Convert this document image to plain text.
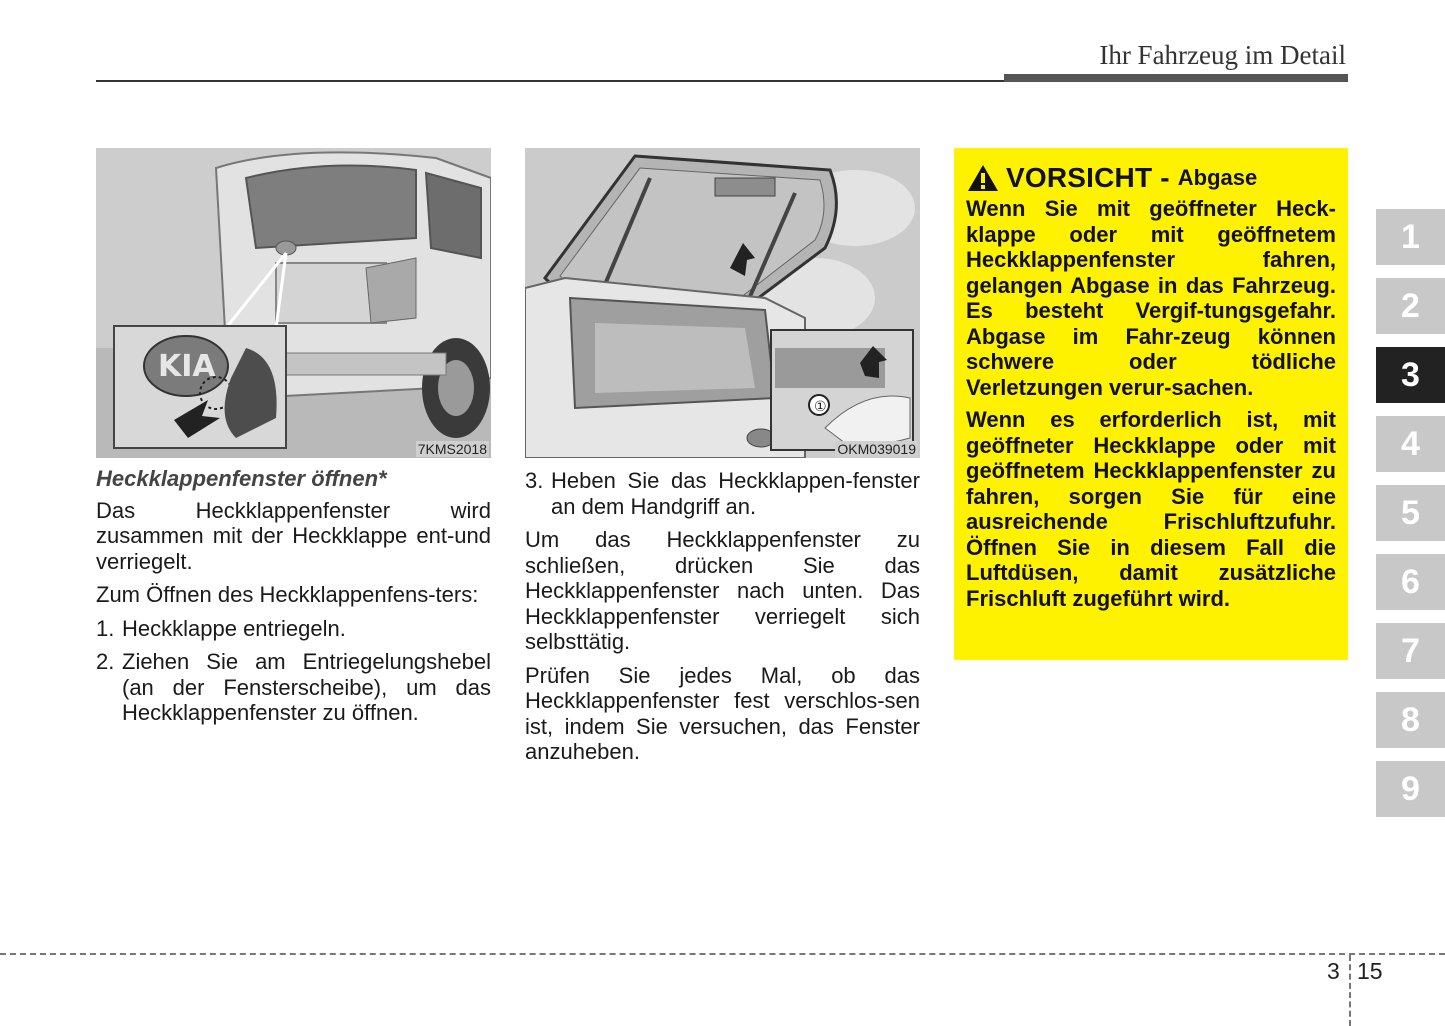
Ihr Fahrzeug im Detail
KIA
7KMS2018
①
OKM039019

Heckklappenfenster öffnen*

Das Heckklappenfenster wird zusammen mit der Heckklappe ent-und verriegelt.

Zum Öffnen des Heckklappenfens-ters:

1. Heckklappe entriegeln.
2. Ziehen Sie am Entriegelungshebel (an der Fensterscheibe), um das Heckklappenfenster zu öffnen.
3. Heben Sie das Heckklappen-fenster an dem Handgriff an.

Um das Heckklappenfenster zu schließen, drücken Sie das Heckklappenfenster nach unten. Das Heckklappenfenster verriegelt sich selbsttätig.

Prüfen Sie jedes Mal, ob das Heckklappenfenster fest verschlos-sen ist, indem Sie versuchen, das Fenster anzuheben.

VORSICHT - Abgase

Wenn Sie mit geöffneter Heck-klappe oder mit geöffnetem Heckklappenfenster fahren, gelangen Abgase in das Fahrzeug. Es besteht Vergif-tungsgefahr. Abgase im Fahr-zeug können schwere oder tödliche Verletzungen verur-sachen.

Wenn es erforderlich ist, mit geöffneter Heckklappe oder mit geöffnetem Heckklappenfenster zu fahren, sorgen Sie für eine ausreichende Frischluftzufuhr. Öffnen Sie in diesem Fall die Luftdüsen, damit zusätzliche Frischluft zugeführt wird.

1
2
3
4
5
6
7
8
9
3 15
